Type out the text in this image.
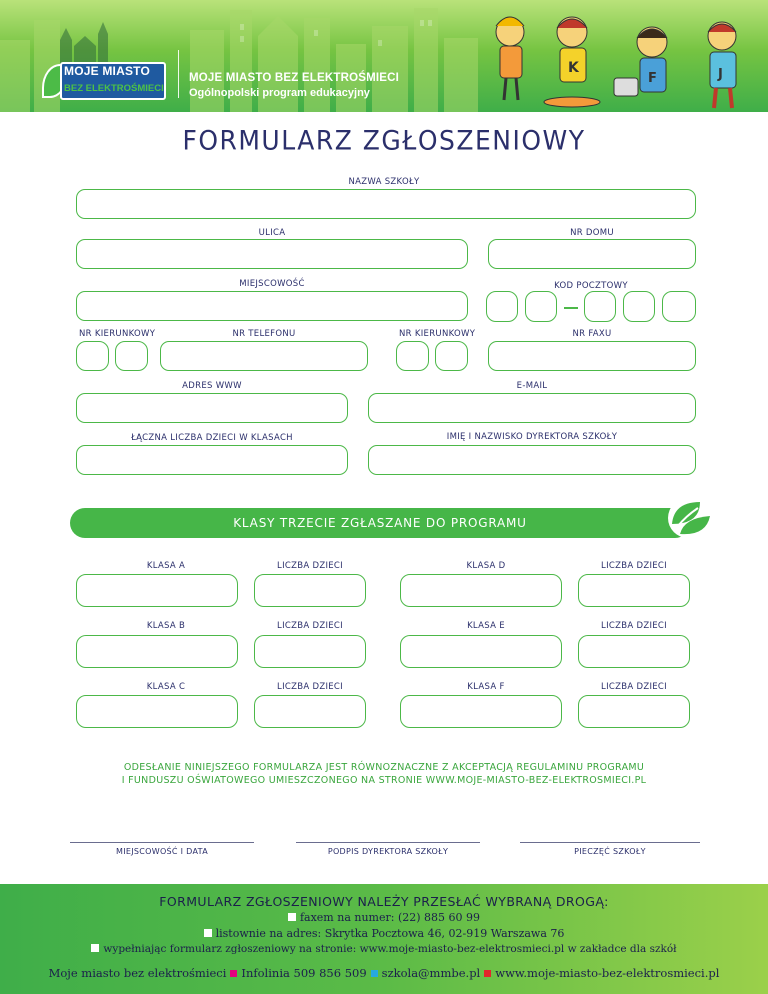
MOJE MIASTO
BEZ ELEKTROŚMIECI
MOJE MIASTO BEZ ELEKTROŚMIECI
Ogólnopolski program edukacyjny
K
F	J
FORMULARZ ZGŁOSZENIOWY
NAZWA SZKOŁY
ULICA	NR DOMU
MIEJSCOWOŚĆ	KOD POCZTOWY
NR KIERUNKOWY	NR TELEFONU	NR KIERUNKOWY	NR FAXU
ADRES WWW	E-MAIL
ŁĄCZNA LICZBA DZIECI W KLASACH	IMIĘ I NAZWISKO DYREKTORA SZKOŁY
KLASY TRZECIE ZGŁASZANE DO PROGRAMU
KLASA A	LICZBA DZIECI	KLASA D	LICZBA DZIECI
KLASA B	LICZBA DZIECI	KLASA E	LICZBA DZIECI
KLASA C	LICZBA DZIECI	KLASA F	LICZBA DZIECI
ODESŁANIE NINIEJSZEGO FORMULARZA JEST RÓWNOZNACZNE Z AKCEPTACJĄ REGULAMINU PROGRAMU
I FUNDUSZU OŚWIATOWEGO UMIESZCZONEGO NA STRONIE WWW.MOJE-MIASTO-BEZ-ELEKTROSMIECI.PL
MIEJSCOWOŚĆ I DATA	PODPIS DYREKTORA SZKOŁY	PIECZĘĆ SZKOŁY
FORMULARZ ZGŁOSZENIOWY NALEŻY PRZESŁAĆ WYBRANĄ DROGĄ:
faxem na numer: (22) 885 60 99
listownie na adres: Skrytka Pocztowa 46, 02-919 Warszawa 76
wypełniając formularz zgłoszeniowy na stronie: www.moje-miasto-bez-elektrosmieci.pl w zakładce dla szkół
Moje miasto bez elektrośmieci Infolinia 509 856 509 szkola@mmbe.pl www.moje-miasto-bez-elektrosmieci.pl
